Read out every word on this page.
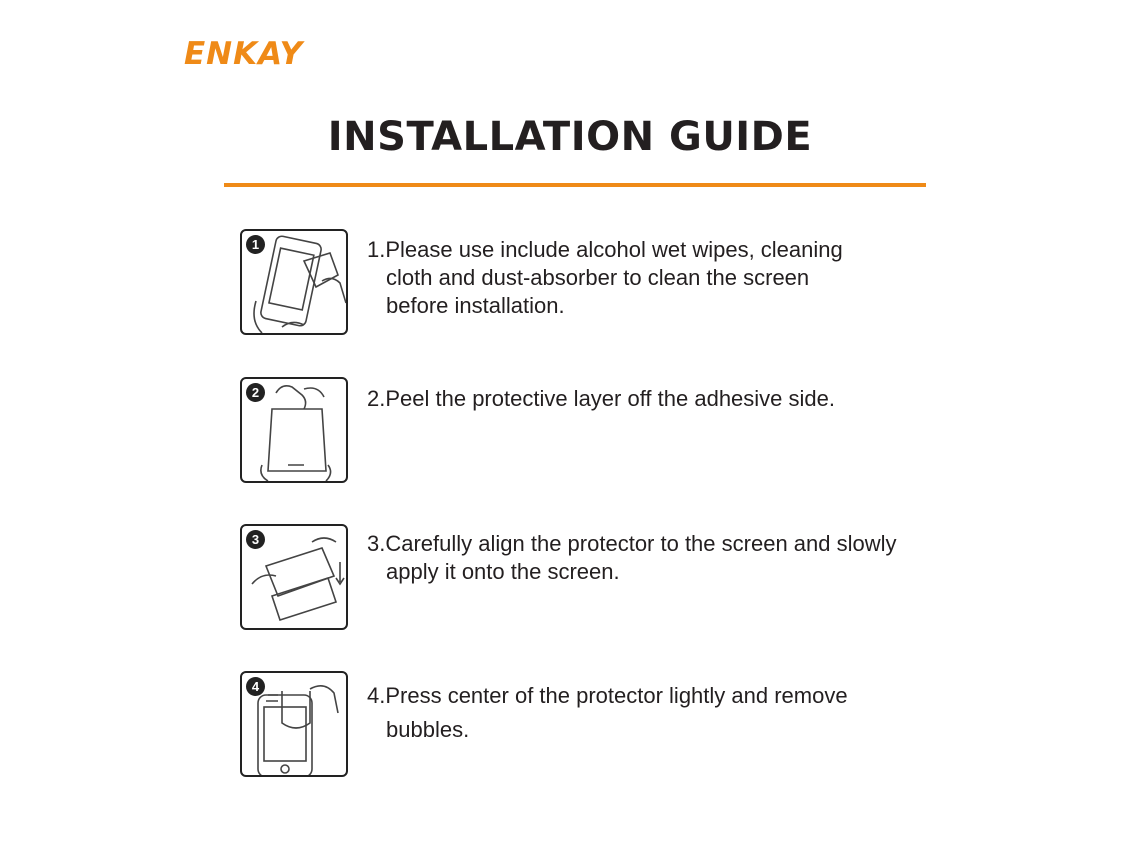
ENKAY
INSTALLATION GUIDE
1	1.Please use include alcohol wet wipes, cleaning
cloth and dust-absorber to clean the screen
before installation.
2	2.Peel the protective layer off the adhesive side.
3	3.Carefully align the protector to the screen and slowly
apply it onto the screen.
4	4.Press center of the protector lightly and remove
bubbles.
